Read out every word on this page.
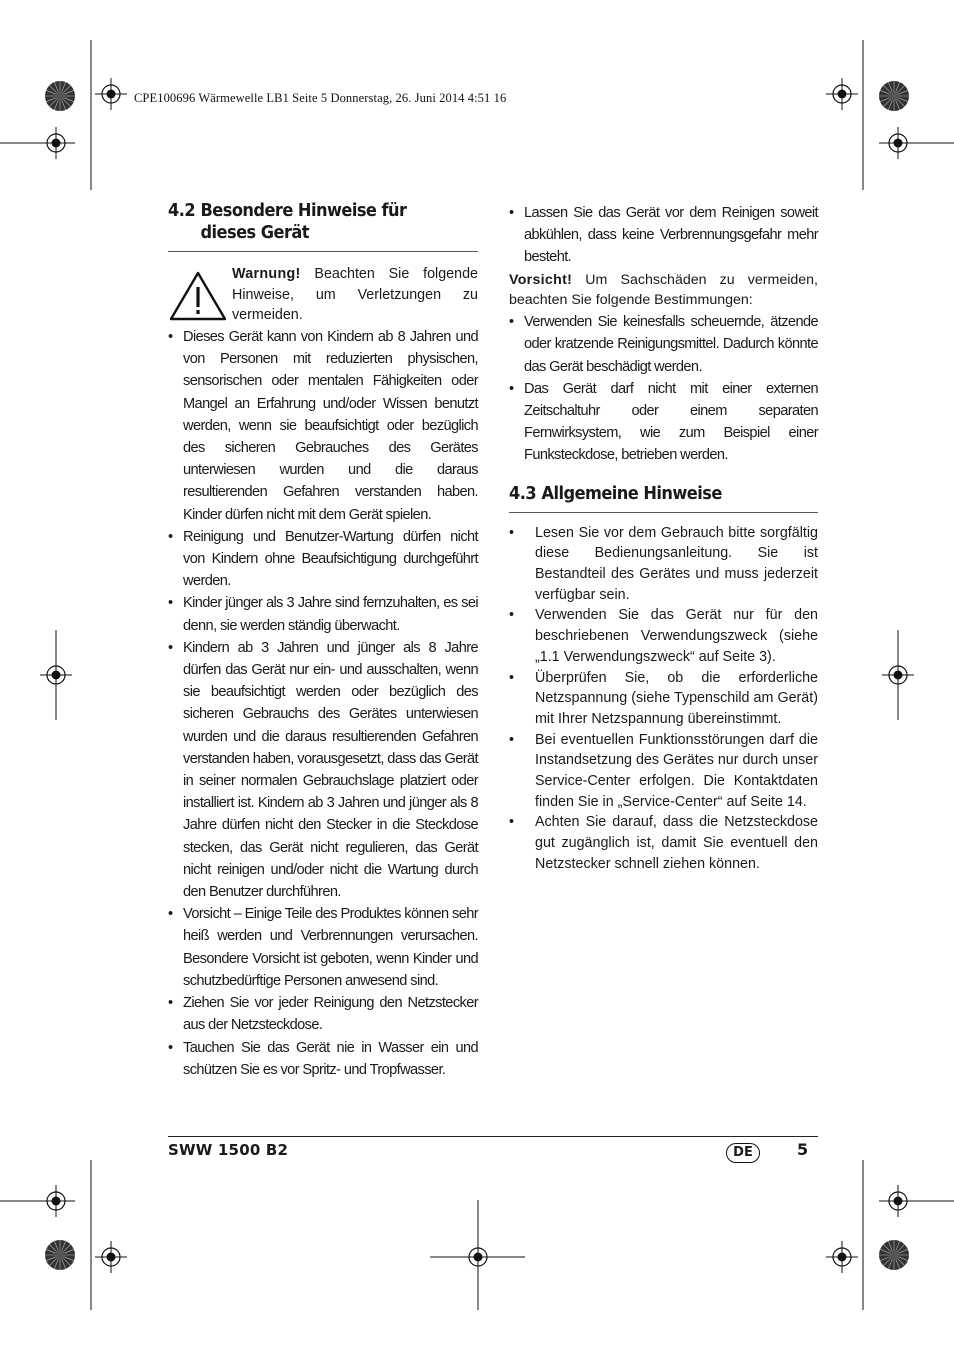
CPE100696 Wärmewelle LB1 Seite 5 Donnerstag, 26. Juni 2014 4:51 16
4.2 Besondere Hinweise für dieses Gerät
Warnung! Beachten Sie folgende Hinweise, um Verletzungen zu vermeiden.
• Dieses Gerät kann von Kindern ab 8 Jahren und von Personen mit reduzierten physischen, sensorischen oder mentalen Fähigkeiten oder Mangel an Erfahrung und/oder Wissen benutzt werden, wenn sie beaufsichtigt oder bezüglich des sicheren Gebrauches des Gerätes unterwiesen wurden und die daraus resultierenden Gefahren verstanden haben. Kinder dürfen nicht mit dem Gerät spielen.
• Reinigung und Benutzer-Wartung dürfen nicht von Kindern ohne Beaufsichtigung durchgeführt werden.
• Kinder jünger als 3 Jahre sind fernzuhalten, es sei denn, sie werden ständig überwacht.
• Kindern ab 3 Jahren und jünger als 8 Jahre dürfen das Gerät nur ein- und ausschalten, wenn sie beaufsichtigt werden oder bezüglich des sicheren Gebrauchs des Gerätes unterwiesen wurden und die daraus resultierenden Gefahren verstanden haben, vorausgesetzt, dass das Gerät in seiner normalen Gebrauchslage platziert oder installiert ist. Kindern ab 3 Jahren und jünger als 8 Jahre dürfen nicht den Stecker in die Steckdose stecken, das Gerät nicht regulieren, das Gerät nicht reinigen und/oder nicht die Wartung durch den Benutzer durchführen.
• Vorsicht – Einige Teile des Produktes können sehr heiß werden und Verbrennungen verursachen. Besondere Vorsicht ist geboten, wenn Kinder und schutzbedürftige Personen anwesend sind.
• Ziehen Sie vor jeder Reinigung den Netzstecker aus der Netzsteckdose.
• Tauchen Sie das Gerät nie in Wasser ein und schützen Sie es vor Spritz- und Tropfwasser.
• Lassen Sie das Gerät vor dem Reinigen soweit abkühlen, dass keine Verbrennungsgefahr mehr besteht.
Vorsicht! Um Sachschäden zu vermeiden, beachten Sie folgende Bestimmungen:
• Verwenden Sie keinesfalls scheuernde, ätzende oder kratzende Reinigungsmittel. Dadurch könnte das Gerät beschädigt werden.
• Das Gerät darf nicht mit einer externen Zeitschaltuhr oder einem separaten Fernwirksystem, wie zum Beispiel einer Funksteckdose, betrieben werden.
4.3 Allgemeine Hinweise
• Lesen Sie vor dem Gebrauch bitte sorgfältig diese Bedienungsanleitung. Sie ist Bestandteil des Gerätes und muss jederzeit verfügbar sein.
• Verwenden Sie das Gerät nur für den beschriebenen Verwendungszweck (siehe „1.1 Verwendungszweck“ auf Seite 3).
• Überprüfen Sie, ob die erforderliche Netzspannung (siehe Typenschild am Gerät) mit Ihrer Netzspannung übereinstimmt.
• Bei eventuellen Funktionsstörungen darf die Instandsetzung des Gerätes nur durch unser Service-Center erfolgen. Die Kontaktdaten finden Sie in „Service-Center“ auf Seite 14.
• Achten Sie darauf, dass die Netzsteckdose gut zugänglich ist, damit Sie eventuell den Netzstecker schnell ziehen können.
SWW 1500 B2	DE	5
